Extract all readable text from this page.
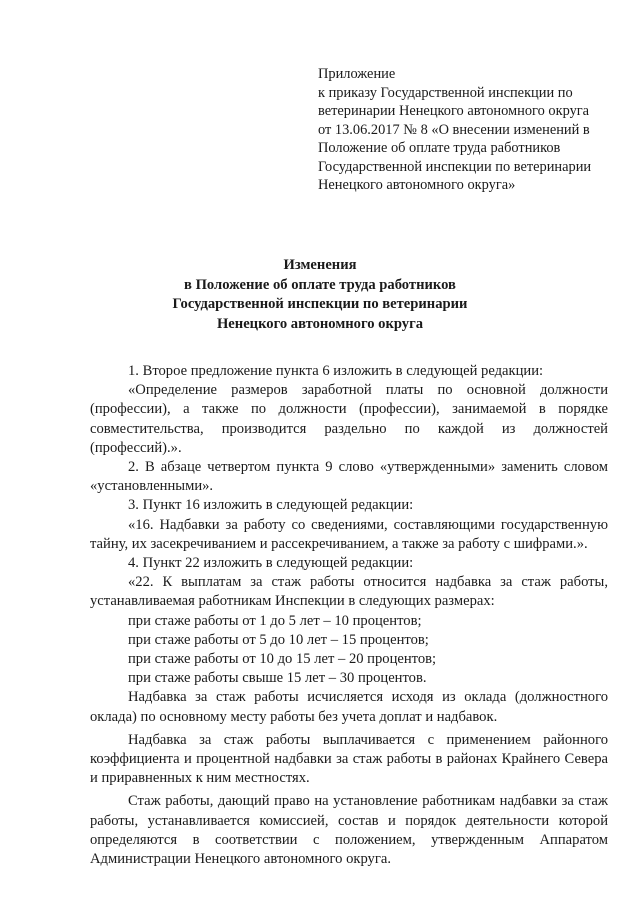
Приложение
к приказу Государственной инспекции по
ветеринарии Ненецкого автономного округа
от 13.06.2017 № 8 «О внесении изменений в
Положение об оплате труда работников
Государственной инспекции по ветеринарии
Ненецкого автономного округа»
Изменения
в Положение об оплате труда работников
Государственной инспекции по ветеринарии
Ненецкого автономного округа

1. Второе предложение пункта 6 изложить в следующей редакции:

«Определение размеров заработной платы по основной должности (профессии), а также по должности (профессии), занимаемой в порядке совместительства, производится раздельно по каждой из должностей (профессий).».

2. В абзаце четвертом пункта 9 слово «утвержденными» заменить словом «установленными».

3. Пункт 16 изложить в следующей редакции:

«16. Надбавки за работу со сведениями, составляющими государственную тайну, их засекречиванием и рассекречиванием, а также за работу с шифрами.».

4. Пункт 22 изложить в следующей редакции:

«22. К выплатам за стаж работы относится надбавка за стаж работы, устанавливаемая работникам Инспекции в следующих размерах:

при стаже работы от 1 до 5 лет – 10 процентов;

при стаже работы от 5 до 10 лет – 15 процентов;

при стаже работы от 10 до 15 лет – 20 процентов;

при стаже работы свыше 15 лет – 30 процентов.

Надбавка за стаж работы исчисляется исходя из оклада (должностного оклада) по основному месту работы без учета доплат и надбавок.

Надбавка за стаж работы выплачивается с применением районного коэффициента и процентной надбавки за стаж работы в районах Крайнего Севера и приравненных к ним местностях.

Стаж работы, дающий право на установление работникам надбавки за стаж работы, устанавливается комиссией, состав и порядок деятельности которой определяются в соответствии с положением, утвержденным Аппаратом Администрации Ненецкого автономного округа.
